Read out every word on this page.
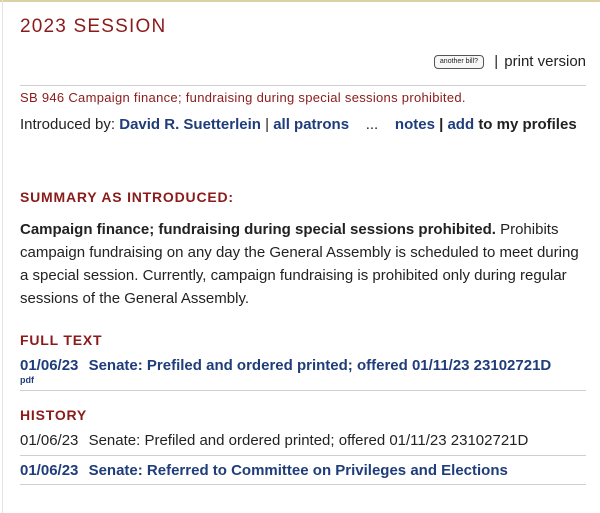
2023 SESSION
another bill? | print version
SB 946 Campaign finance; fundraising during special sessions prohibited.
Introduced by: David R. Suetterlein | all patrons ... notes | add to my profiles
SUMMARY AS INTRODUCED:
Campaign finance; fundraising during special sessions prohibited. Prohibits campaign fundraising on any day the General Assembly is scheduled to meet during a special session. Currently, campaign fundraising is prohibited only during regular sessions of the General Assembly.
FULL TEXT
01/06/23 Senate: Prefiled and ordered printed; offered 01/11/23 23102721D
pdf
HISTORY
01/06/23 Senate: Prefiled and ordered printed; offered 01/11/23 23102721D
01/06/23 Senate: Referred to Committee on Privileges and Elections
